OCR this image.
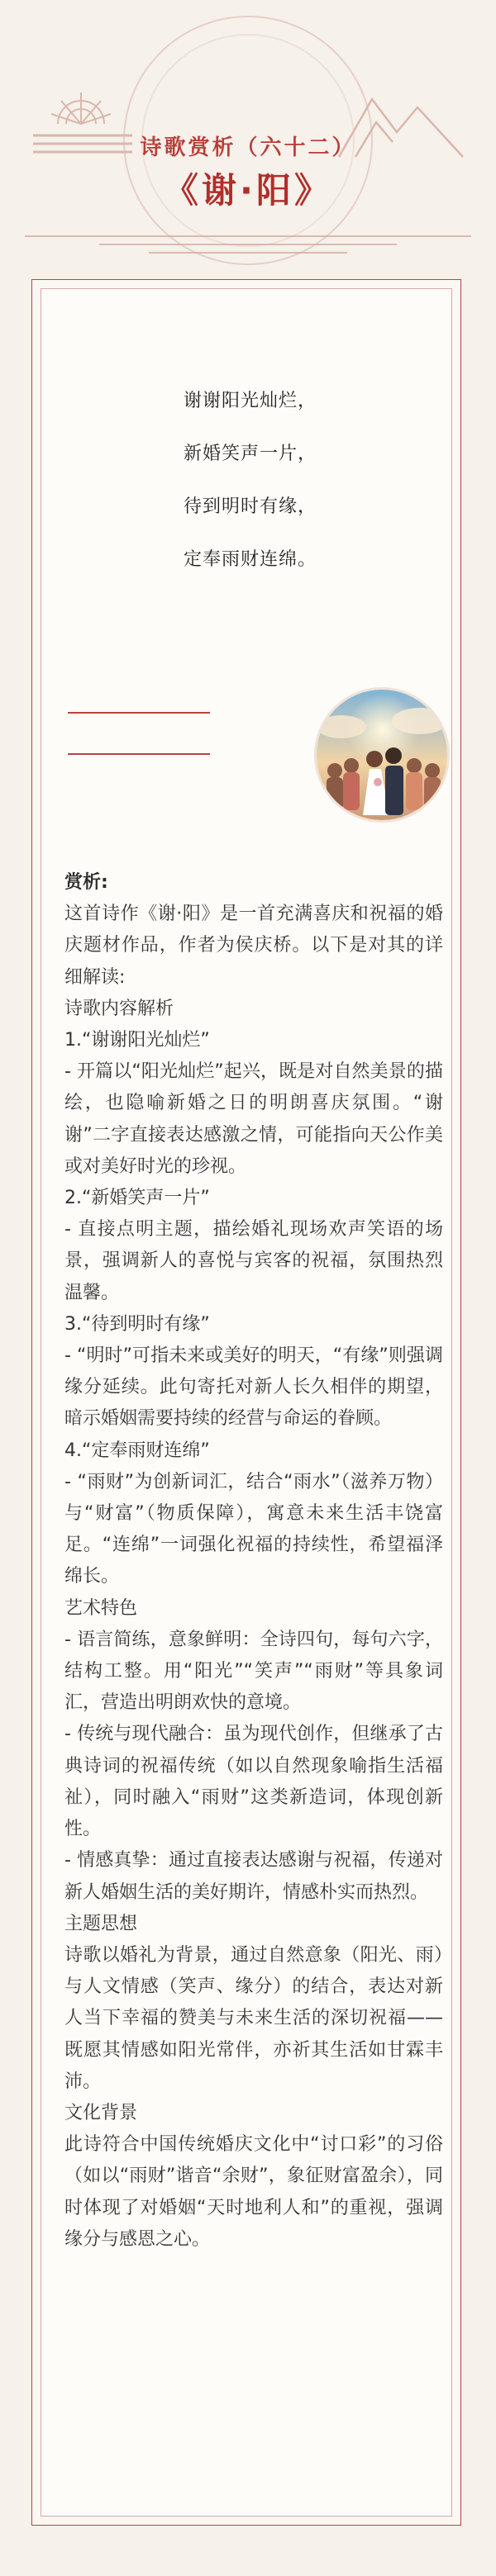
诗歌赏析（六十二）
《谢·阳》
谢谢阳光灿烂，
新婚笑声一片，
待到明时有缘，
定奉雨财连绵。

赏析:

这首诗作《谢·阳》是一首充满喜庆和祝福的婚庆题材作品，作者为侯庆桥。以下是对其的详细解读:

诗歌内容解析

1.“谢谢阳光灿烂”

- 开篇以“阳光灿烂”起兴，既是对自然美景的描绘，也隐喻新婚之日的明朗喜庆氛围。“谢谢”二字直接表达感激之情，可能指向天公作美或对美好时光的珍视。

2.“新婚笑声一片”

- 直接点明主题，描绘婚礼现场欢声笑语的场景，强调新人的喜悦与宾客的祝福，氛围热烈温馨。

3.“待到明时有缘”

- “明时”可指未来或美好的明天，“有缘”则强调缘分延续。此句寄托对新人长久相伴的期望，暗示婚姻需要持续的经营与命运的眷顾。

4.“定奉雨财连绵”

- “雨财”为创新词汇，结合“雨水”（滋养万物）与“财富”（物质保障），寓意未来生活丰饶富足。“连绵”一词强化祝福的持续性，希望福泽绵长。

艺术特色

- 语言简练，意象鲜明：全诗四句，每句六字，结构工整。用“阳光”“笑声”“雨财”等具象词汇，营造出明朗欢快的意境。

- 传统与现代融合：虽为现代创作，但继承了古典诗词的祝福传统（如以自然现象喻指生活福祉），同时融入“雨财”这类新造词，体现创新性。

- 情感真挚：通过直接表达感谢与祝福，传递对新人婚姻生活的美好期许，情感朴实而热烈。

主题思想

诗歌以婚礼为背景，通过自然意象（阳光、雨）与人文情感（笑声、缘分）的结合，表达对新人当下幸福的赞美与未来生活的深切祝福——既愿其情感如阳光常伴，亦祈其生活如甘霖丰沛。

文化背景

此诗符合中国传统婚庆文化中“讨口彩”的习俗（如以“雨财”谐音“余财”，象征财富盈余），同时体现了对婚姻“天时地利人和”的重视，强调缘分与感恩之心。
